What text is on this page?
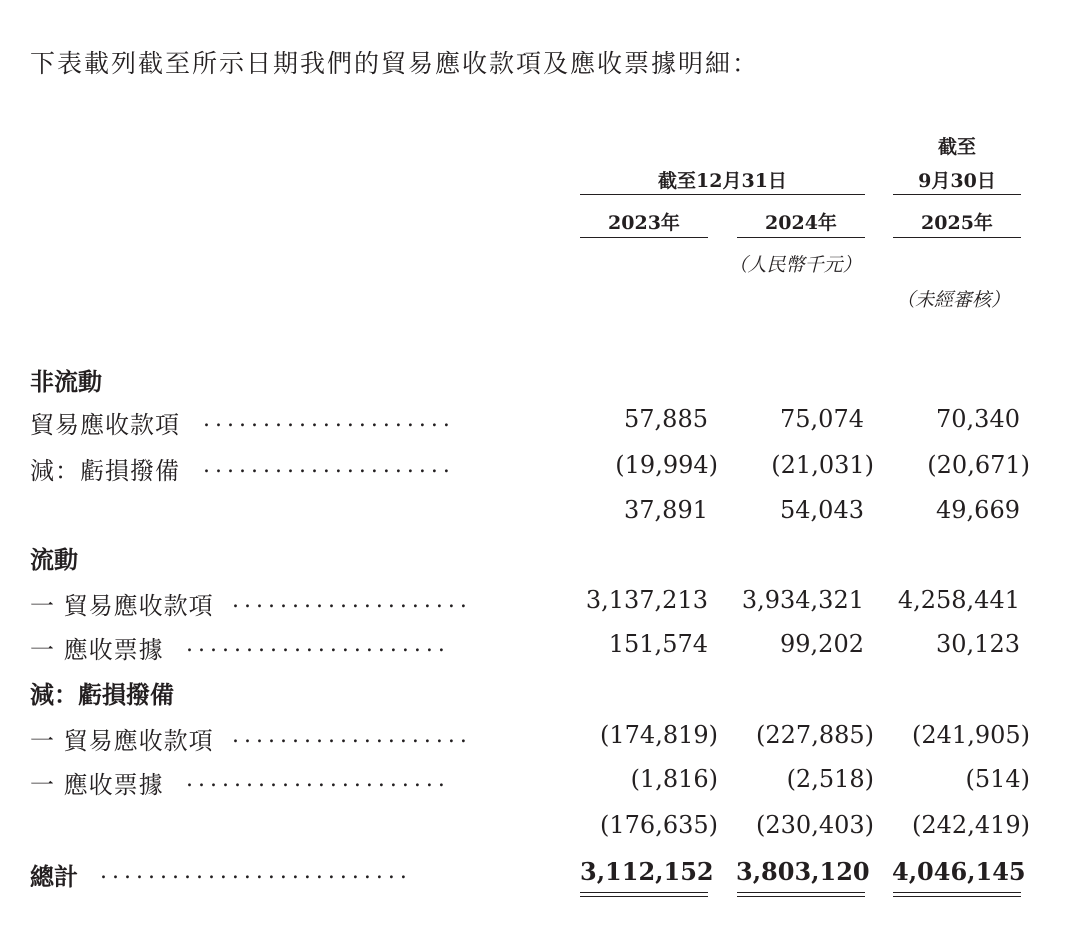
下表載列截至所示日期我們的貿易應收款項及應收票據明細：
截至12月31日
截至
9月30日
2023年	2024年	2025年
（人民幣千元）
（未經審核）
非流動
貿易應收款項 .....................	57,885	75,074	70,340
減：虧損撥備 .....................	(19,994)	(21,031)	(20,671)
37,891	54,043	49,669
流動
一 貿易應收款項 ....................	3,137,213 3,934,321 4,258,441
一 應收票據 ......................	151,574	99,202	30,123
減：虧損撥備
一 貿易應收款項 ....................	(174,819)	(227,885)	(241,905)
一 應收票據 ......................	(1,816)	(2,518)	(514)
(176,635)	(230,403)	(242,419)
總計 ..........................	3,112,152 3,803,120 4,046,145
